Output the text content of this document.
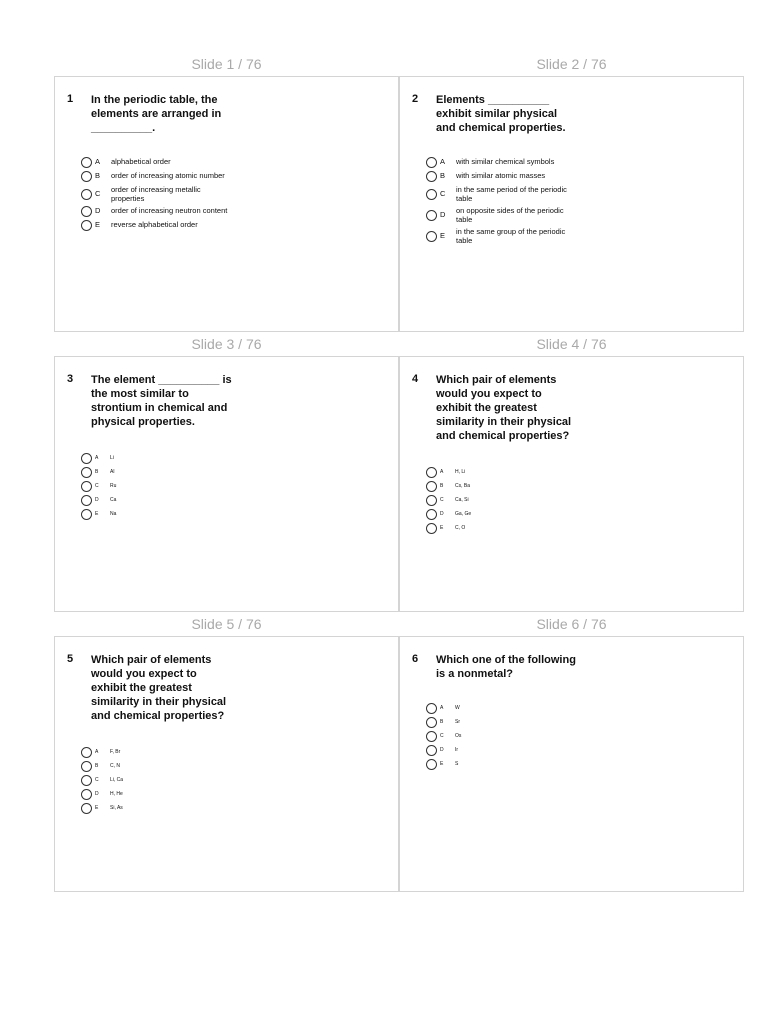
Slide 1 / 76
1 In the periodic table, the
elements are arranged in
__________.
A	alphabetical order
B	order of increasing atomic number
C	order of increasing metallic properties
D	order of increasing neutron content
E	reverse alphabetical order
Slide 2 / 76
2 Elements __________
exhibit similar physical
and chemical properties.
A	with similar chemical symbols
B	with similar atomic masses
C	in the same period of the periodic table
D	on opposite sides of the periodic table
E	in the same group of the periodic table
Slide 3 / 76
3 The element __________ is
the most similar to
strontium in chemical and
physical properties.
A	Li
B	Al
C	Ru
D	Ca
E	Na
Slide 4 / 76
4 Which pair of elements
would you expect to
exhibit the greatest
similarity in their physical
and chemical properties?
A	H, Li
B	Cs, Ba
C	Ca, Si
D	Ga, Ge
E	C, O
Slide 5 / 76
5 Which pair of elements
would you expect to
exhibit the greatest
similarity in their physical
and chemical properties?
A	F, Br
B	C, N
C	Li, Ca
D	H, He
E	Si, As
Slide 6 / 76
6 Which one of the following
is a nonmetal?
A	W
B	Sr
C	Os
D	Ir
E	S
